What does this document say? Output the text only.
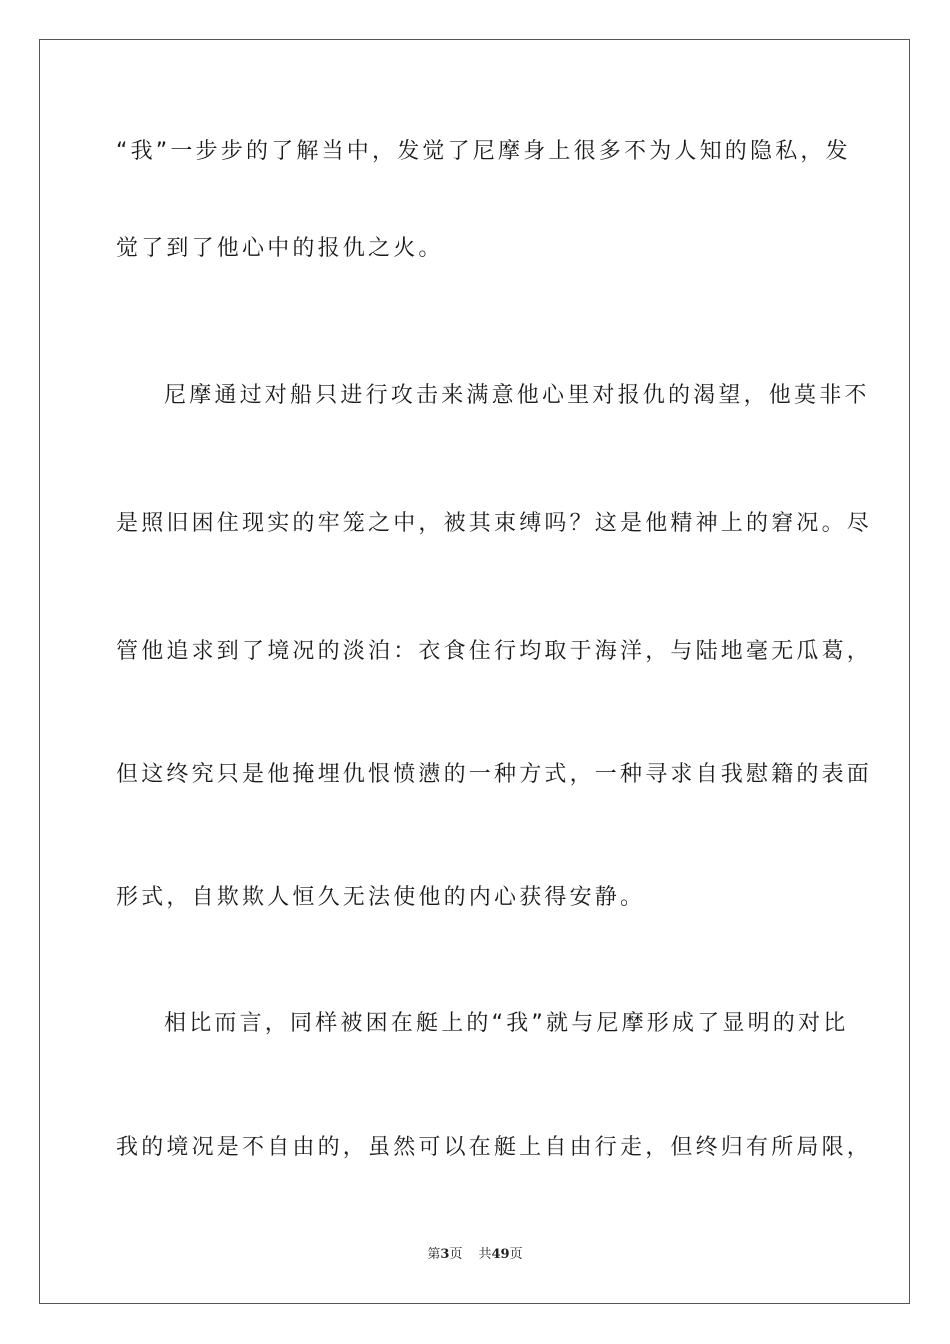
“我”一步步的了解当中，发觉了尼摩身上很多不为人知的隐私，发
觉了到了他心中的报仇之火。
尼摩通过对船只进行攻击来满意他心里对报仇的渴望，他莫非不
是照旧困住现实的牢笼之中，被其束缚吗？这是他精神上的窘况。尽
管他追求到了境况的淡泊：衣食住行均取于海洋，与陆地毫无瓜葛，
但这终究只是他掩埋仇恨愤懑的一种方式，一种寻求自我慰籍的表面
形式，自欺欺人恒久无法使他的内心获得安静。
相比而言，同样被困在艇上的“我”就与尼摩形成了显明的对比
我的境况是不自由的，虽然可以在艇上自由行走，但终归有所局限，
第3页 共49页
